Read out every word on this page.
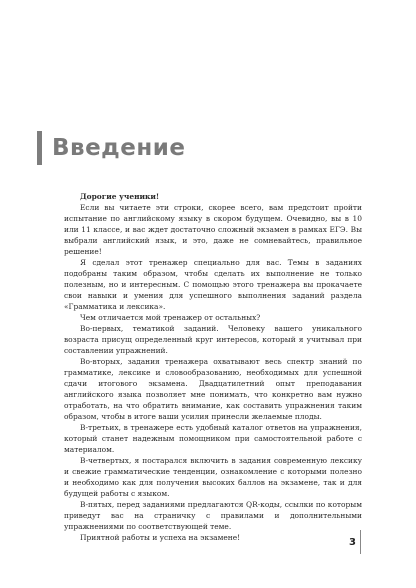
Введение

Дорогие ученики!

Если вы читаете эти строки, скорее всего, вам предстоит пройти испытание по английскому языку в скором будущем. Очевидно, вы в 10 или 11 классе, и вас ждет достаточно сложный экзамен в рамках ЕГЭ. Вы выбрали английский язык, и это, даже не сомневайтесь, правильное решение!

Я сделал этот тренажер специально для вас. Темы в заданиях подобраны таким образом, чтобы сделать их выполнение не только полезным, но и интересным. С помощью этого тренажера вы прокачаете свои навыки и умения для успешного выполнения заданий раздела «Грамматика и лексика».

Чем отличается мой тренажер от остальных?

Во-первых, тематикой заданий. Человеку вашего уникального возраста присущ определенный круг интересов, который я учитывал при составлении упражнений.

Во-вторых, задания тренажера охватывают весь спектр знаний по грамматике, лексике и словообразованию, необходимых для успешной сдачи итогового экзамена. Двадцатилетний опыт преподавания английского языка позволяет мне понимать, что конкретно вам нужно отработать, на что обратить внимание, как составить упражнения таким образом, чтобы в итоге ваши усилия принесли желаемые плоды.

В-третьих, в тренажере есть удобный каталог ответов на упражнения, который станет надежным помощником при самостоятельной работе с материалом.

В-четвертых, я постарался включить в задания современную лексику и свежие грамматические тенденции, ознакомление с которыми полезно и необходимо как для получения высоких баллов на экзамене, так и для будущей работы с языком.

В-пятых, перед заданиями предлагаются QR-коды, ссылки по которым приведут вас на страничку с правилами и дополнительными упражнениями по соответствующей теме.

Приятной работы и успеха на экзамене!	3
